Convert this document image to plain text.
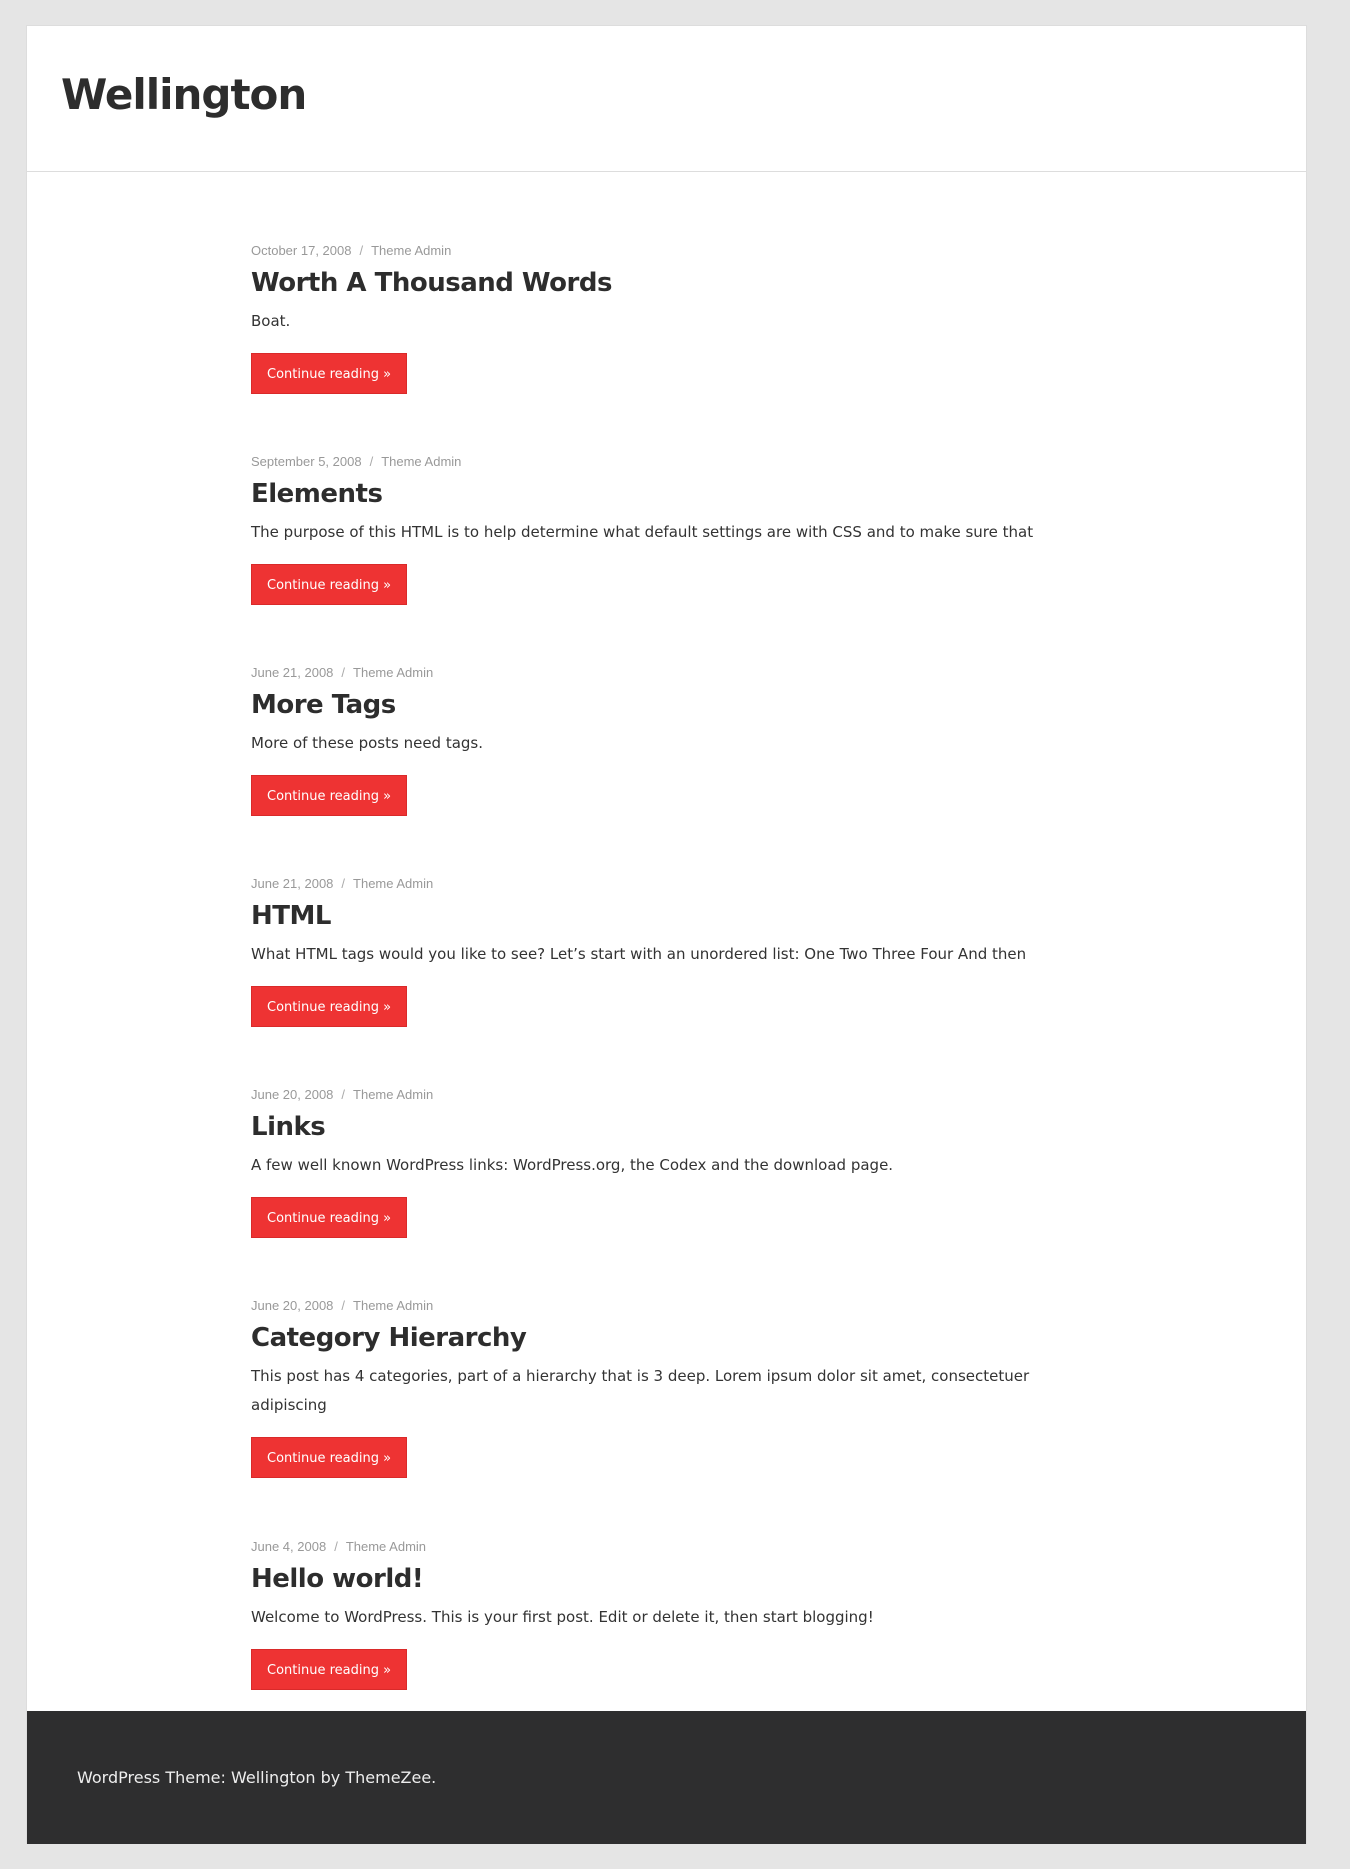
Wellington
October 17, 2008 / Theme Admin
Worth A Thousand Words

Boat.

Continue reading »
September 5, 2008 / Theme Admin
Elements

The purpose of this HTML is to help determine what default settings are with CSS and to make sure that

Continue reading »
June 21, 2008 / Theme Admin
More Tags

More of these posts need tags.

Continue reading »
June 21, 2008 / Theme Admin
HTML

What HTML tags would you like to see? Let’s start with an unordered list: One Two Three Four And then

Continue reading »
June 20, 2008 / Theme Admin
Links

A few well known WordPress links: WordPress.org, the Codex and the download page.

Continue reading »
June 20, 2008 / Theme Admin
Category Hierarchy

This post has 4 categories, part of a hierarchy that is 3 deep. Lorem ipsum dolor sit amet, consectetuer adipiscing

Continue reading »
June 4, 2008 / Theme Admin
Hello world!

Welcome to WordPress. This is your first post. Edit or delete it, then start blogging!

Continue reading »
WordPress Theme: Wellington by ThemeZee.
